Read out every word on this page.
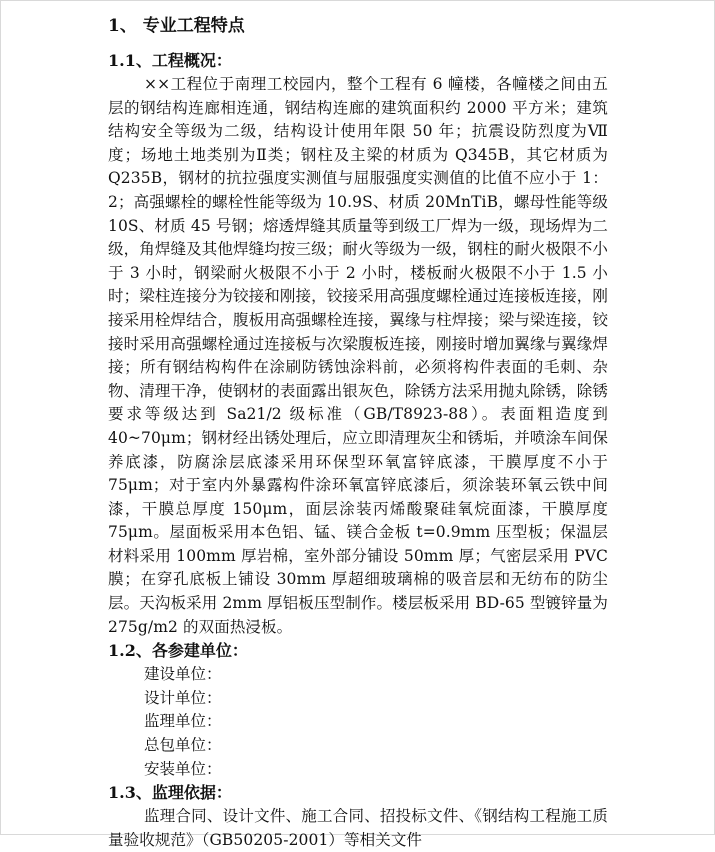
1、 专业工程特点
1.1、工程概况：

××工程位于南理工校园内，整个工程有 6 幢楼，各幢楼之间由五层的钢结构连廊相连通，钢结构连廊的建筑面积约 2000 平方米；建筑结构安全等级为二级，结构设计使用年限 50 年；抗震设防烈度为Ⅶ度；场地土地类别为Ⅱ类；钢柱及主梁的材质为 Q345B，其它材质为 Q235B，钢材的抗拉强度实测值与屈服强度实测值的比值不应小于 1：2；高强螺栓的螺栓性能等级为 10.9S、材质 20MnTiB，螺母性能等级 10S、材质 45 号钢；熔透焊缝其质量等到级工厂焊为一级，现场焊为二级，角焊缝及其他焊缝均按三级；耐火等级为一级，钢柱的耐火极限不小于 3 小时，钢梁耐火极限不小于 2 小时，楼板耐火极限不小于 1.5 小时；梁柱连接分为铰接和刚接，铰接采用高强度螺栓通过连接板连接，刚接采用栓焊结合，腹板用高强螺栓连接，翼缘与柱焊接；梁与梁连接，铰接时采用高强螺栓通过连接板与次梁腹板连接，刚接时增加翼缘与翼缘焊接；所有钢结构构件在涂刷防锈蚀涂料前，必须将构件表面的毛刺、杂物、清理干净，使钢材的表面露出银灰色，除锈方法采用抛丸除锈，除锈要求等级达到 Sa21/2 级标准（GB/T8923-88）。表面粗造度到 40~70μm；钢材经出锈处理后，应立即清理灰尘和锈垢，并喷涂车间保养底漆，防腐涂层底漆采用环保型环氧富锌底漆，干膜厚度不小于 75μm；对于室内外暴露构件涂环氧富锌底漆后，须涂装环氧云铁中间漆，干膜总厚度 150μm，面层涂装丙烯酸聚硅氧烷面漆，干膜厚度 75μm。屋面板采用本色铝、锰、镁合金板 t=0.9mm 压型板；保温层材料采用 100mm 厚岩棉，室外部分铺设 50mm 厚；气密层采用 PVC 膜；在穿孔底板上铺设 30mm 厚超细玻璃棉的吸音层和无纺布的防尘层。天沟板采用 2mm 厚铝板压型制作。楼层板采用 BD-65 型镀锌量为 275g/m2 的双面热浸板。

1.2、各参建单位：

建设单位：

设计单位：

监理单位：

总包单位：

安装单位：

1.3、监理依据：

监理合同、设计文件、施工合同、招投标文件、《钢结构工程施工质量验收规范》（GB50205-2001）等相关文件
